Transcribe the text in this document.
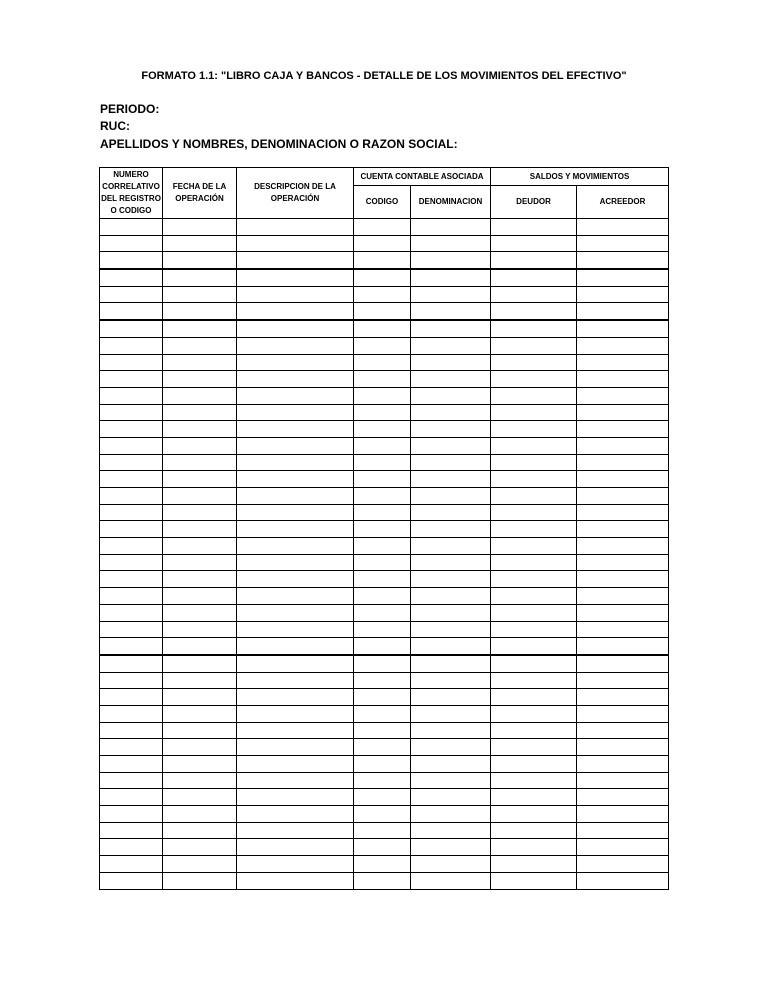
FORMATO 1.1: "LIBRO CAJA Y BANCOS - DETALLE DE LOS MOVIMIENTOS DEL EFECTIVO"
PERIODO:
RUC:
APELLIDOS Y NOMBRES, DENOMINACION O RAZON SOCIAL:
NUMERO CORRELATIVO DEL REGISTRO O CODIGO	FECHA DE LA OPERACIÓN	DESCRIPCION DE LA OPERACIÓN	CUENTA CONTABLE ASOCIADA		SALDOS Y MOVIMIENTOS	
			CODIGO	DENOMINACION	DEUDOR	ACREEDOR
